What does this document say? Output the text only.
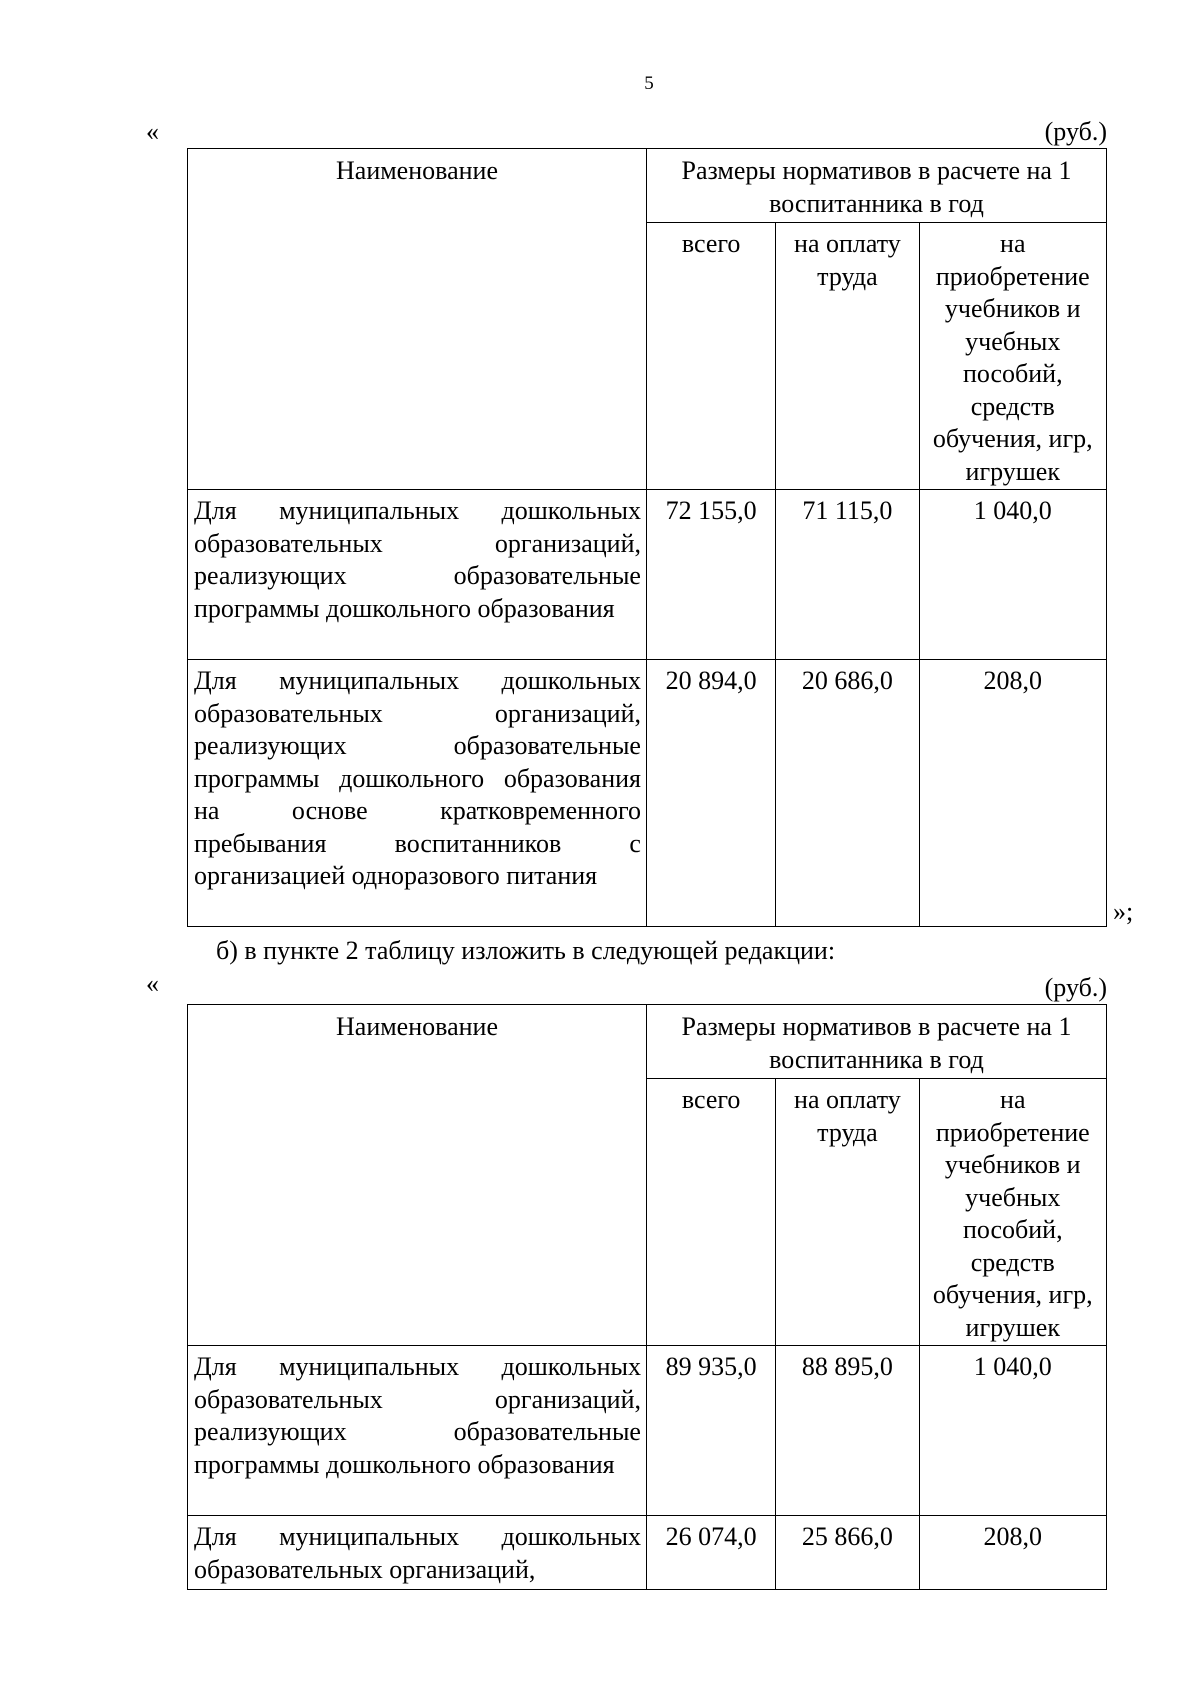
5
«	(руб.)
Наименование	Размеры нормативов в расчете на 1 воспитанника в год		
	всего	на оплату труда	на приобретение учебников и учебных пособий, средств обучения, игр, игрушек
Для муниципальных дошкольных образовательных организаций, реализующих образовательные программы дошкольного образования	72 155,0	71 115,0	1 040,0
Для муниципальных дошкольных образовательных организаций, реализующих образовательные программы дошкольного образования на основе кратковременного пребывания воспитанников с организацией одноразового питания	20 894,0	20 686,0	208,0
»;
б) в пункте 2 таблицу изложить в следующей редакции:
«	(руб.)
Наименование	Размеры нормативов в расчете на 1 воспитанника в год		
	всего	на оплату труда	на приобретение учебников и учебных пособий, средств обучения, игр, игрушек
Для муниципальных дошкольных образовательных организаций, реализующих образовательные программы дошкольного образования	89 935,0	88 895,0	1 040,0
Для муниципальных дошкольных образовательных организаций,	26 074,0	25 866,0	208,0
